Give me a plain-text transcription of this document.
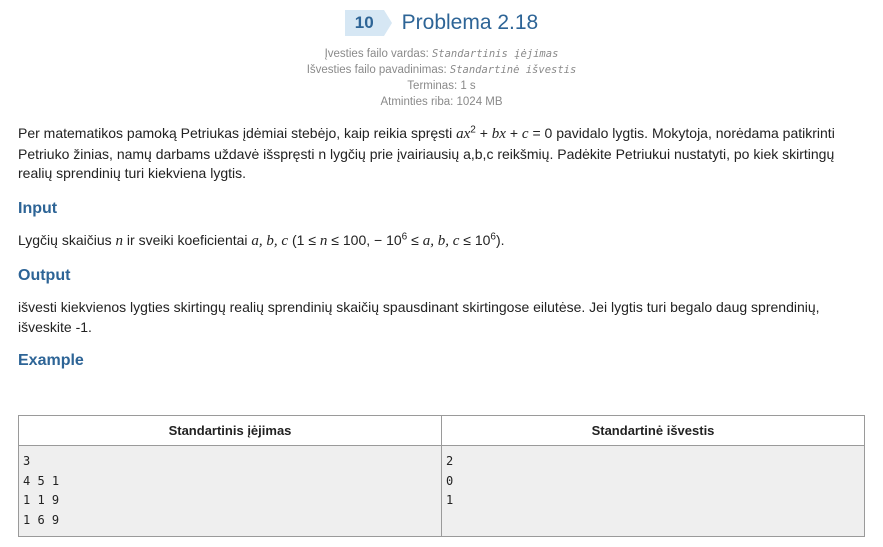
10	Problema 2.18
Įvesties failo vardas: Standartinis įėjimas
Išvesties failo pavadinimas: Standartinė išvestis
Terminas: 1 s
Atminties riba: 1024 MB

Per matematikos pamoką Petriukas įdėmiai stebėjo, kaip reikia spręsti $ax^2$ + bx + c = 0 pavidalo lygtis. Mokytoja, norėdama patikrinti Petriuko žinias, namų darbams uždavė išspręsti n lygčių prie įvairiausių a,b,c reikšmių. Padėkite Petriukui nustatyti, po kiek skirtingų realių sprendinių turi kiekviena lygtis.

Input

Lygčių skaičius n ir sveiki koeficientai a, b, c (1 ≤ n ≤ 100, − $10^6 \le a$, b, $c \le 10^6$).

Output

išvesti kiekvienos lygties skirtingų realių sprendinių skaičių spausdinant skirtingose eilutėse. Jei lygtis turi begalo daug sprendinių, išveskite -1.

Example
Standartinis įėjimas	Standartinė išvestis

3
4 5 1
1 1 9
1 6 9	2
0
1
